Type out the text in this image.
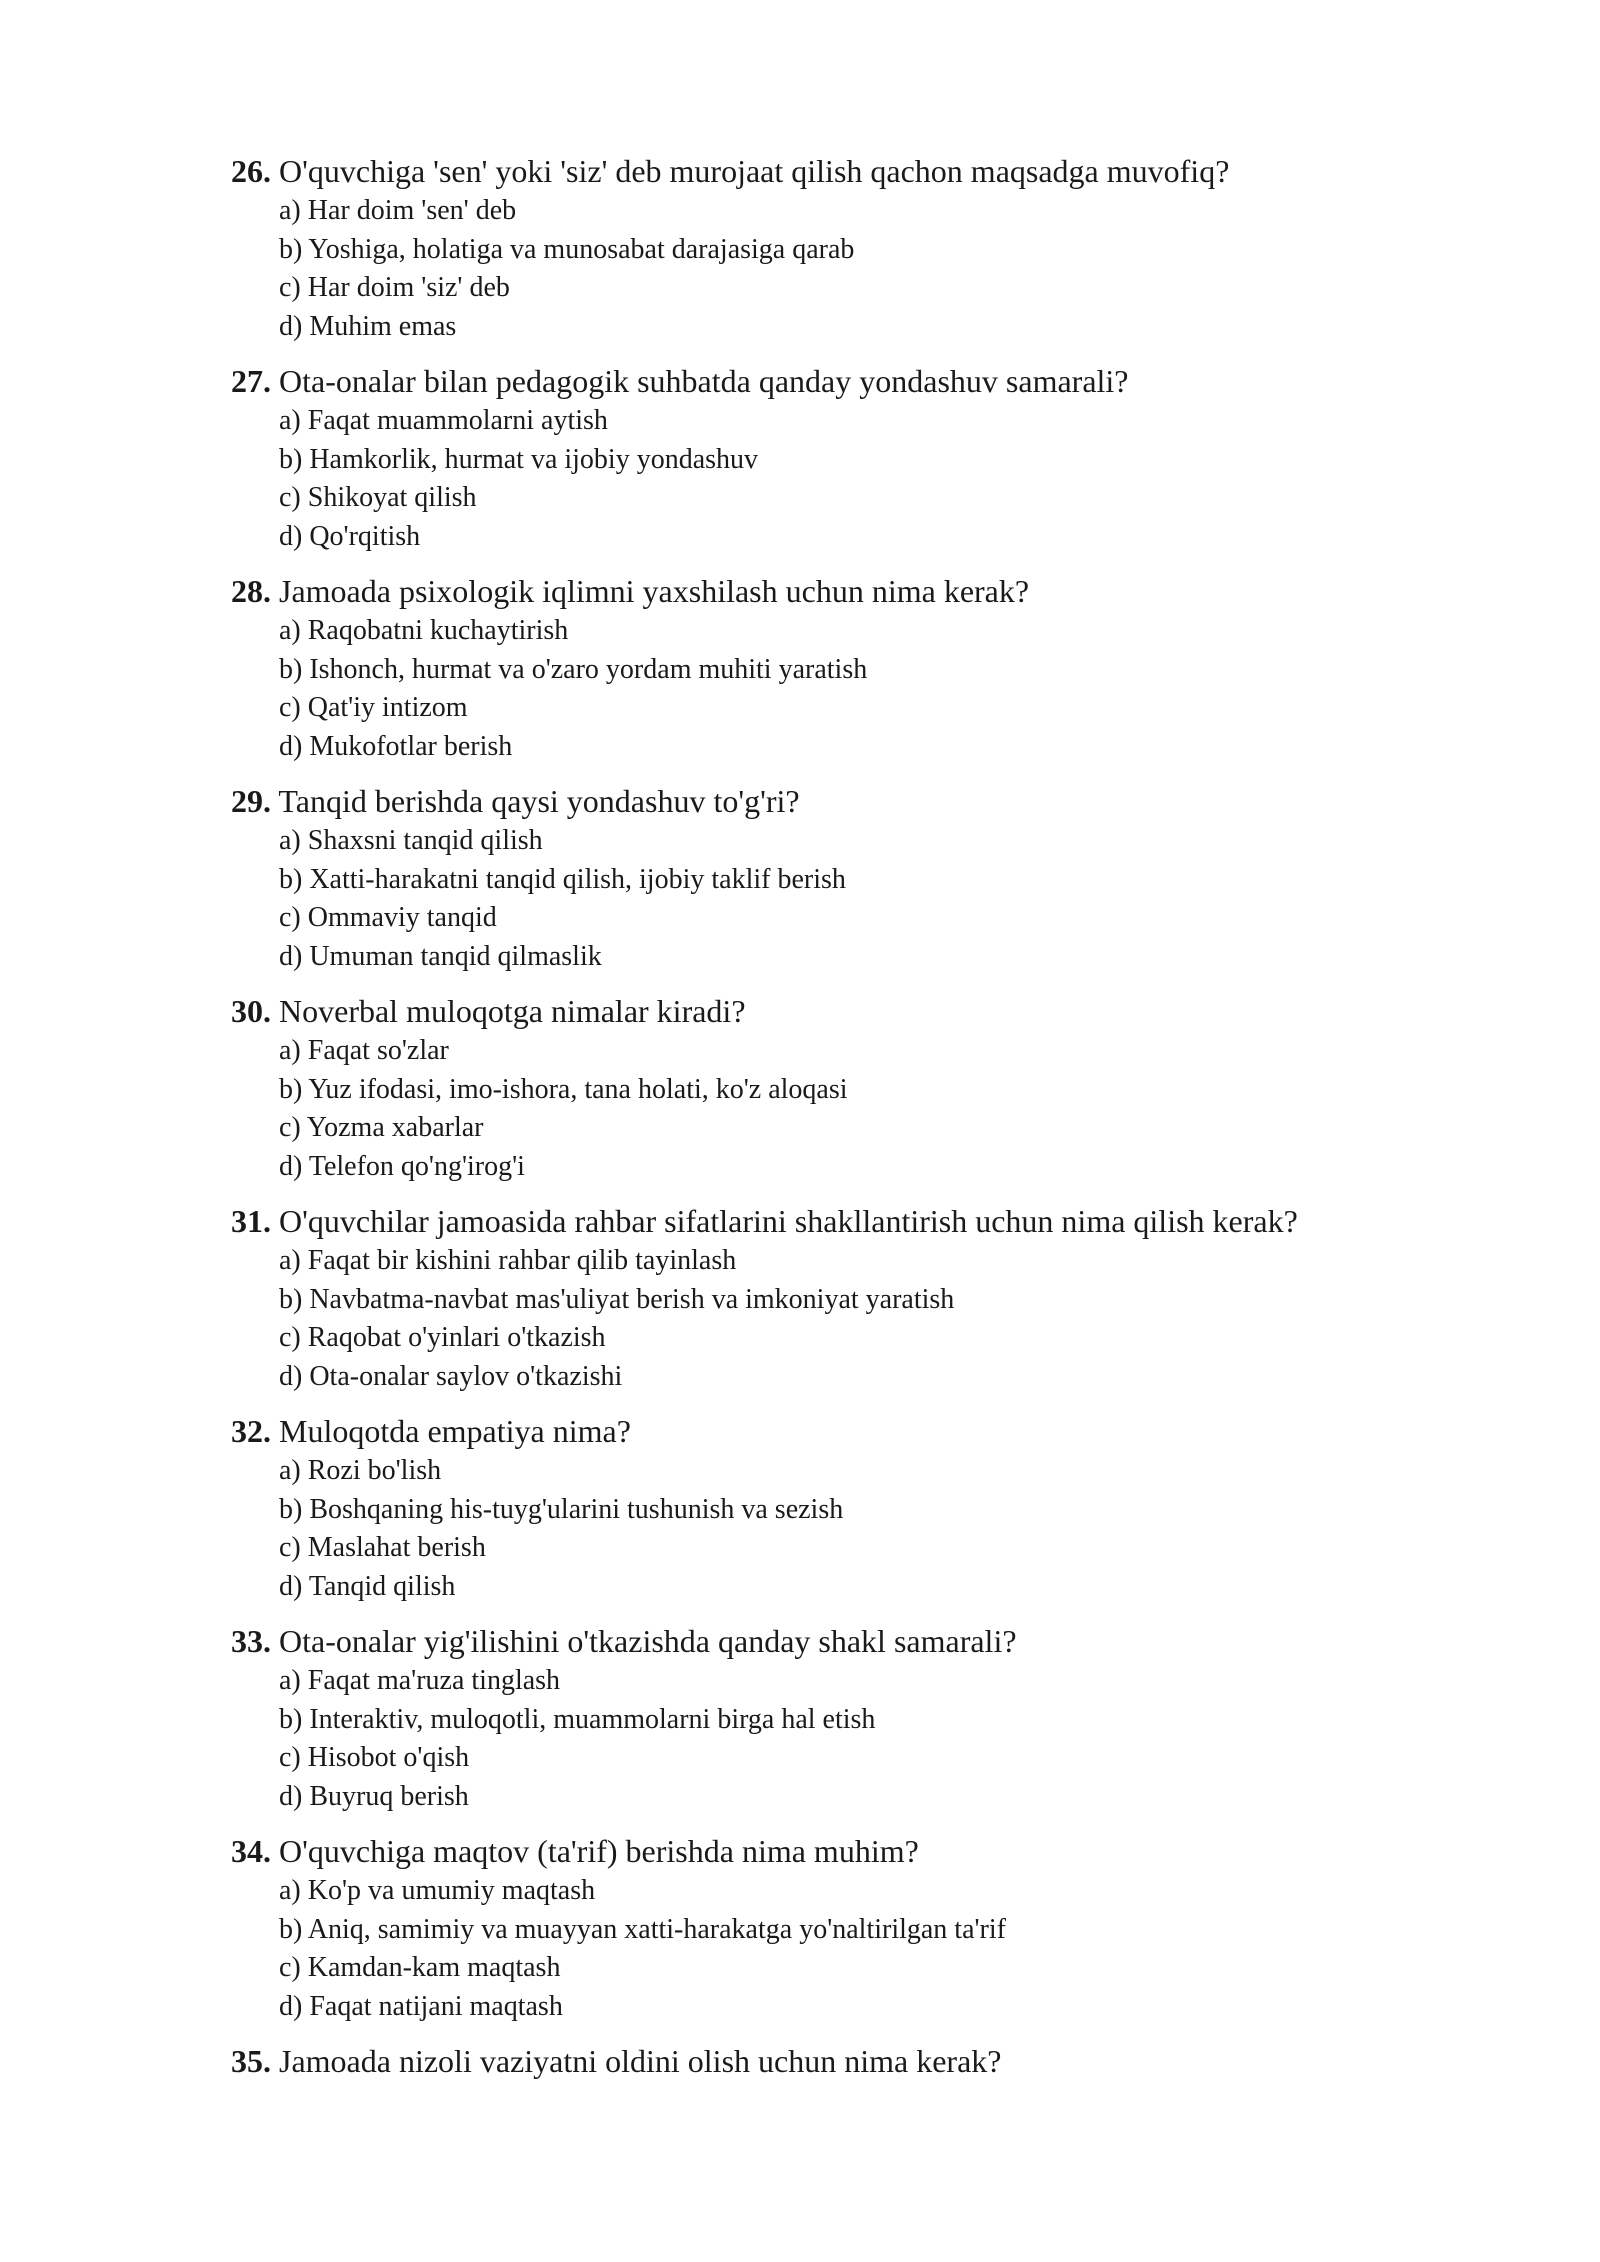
26. O'quvchiga 'sen' yoki 'siz' deb murojaat qilish qachon maqsadga muvofiq?
a) Har doim 'sen' deb
b) Yoshiga, holatiga va munosabat darajasiga qarab
c) Har doim 'siz' deb
d) Muhim emas
27. Ota-onalar bilan pedagogik suhbatda qanday yondashuv samarali?
a) Faqat muammolarni aytish
b) Hamkorlik, hurmat va ijobiy yondashuv
c) Shikoyat qilish
d) Qo'rqitish
28. Jamoada psixologik iqlimni yaxshilash uchun nima kerak?
a) Raqobatni kuchaytirish
b) Ishonch, hurmat va o'zaro yordam muhiti yaratish
c) Qat'iy intizom
d) Mukofotlar berish
29. Tanqid berishda qaysi yondashuv to'g'ri?
a) Shaxsni tanqid qilish
b) Xatti-harakatni tanqid qilish, ijobiy taklif berish
c) Ommaviy tanqid
d) Umuman tanqid qilmaslik
30. Noverbal muloqotga nimalar kiradi?
a) Faqat so'zlar
b) Yuz ifodasi, imo-ishora, tana holati, ko'z aloqasi
c) Yozma xabarlar
d) Telefon qo'ng'irog'i
31. O'quvchilar jamoasida rahbar sifatlarini shakllantirish uchun nima qilish kerak?
a) Faqat bir kishini rahbar qilib tayinlash
b) Navbatma-navbat mas'uliyat berish va imkoniyat yaratish
c) Raqobat o'yinlari o'tkazish
d) Ota-onalar saylov o'tkazishi
32. Muloqotda empatiya nima?
a) Rozi bo'lish
b) Boshqaning his-tuyg'ularini tushunish va sezish
c) Maslahat berish
d) Tanqid qilish
33. Ota-onalar yig'ilishini o'tkazishda qanday shakl samarali?
a) Faqat ma'ruza tinglash
b) Interaktiv, muloqotli, muammolarni birga hal etish
c) Hisobot o'qish
d) Buyruq berish
34. O'quvchiga maqtov (ta'rif) berishda nima muhim?
a) Ko'p va umumiy maqtash
b) Aniq, samimiy va muayyan xatti-harakatga yo'naltirilgan ta'rif
c) Kamdan-kam maqtash
d) Faqat natijani maqtash
35. Jamoada nizoli vaziyatni oldini olish uchun nima kerak?
